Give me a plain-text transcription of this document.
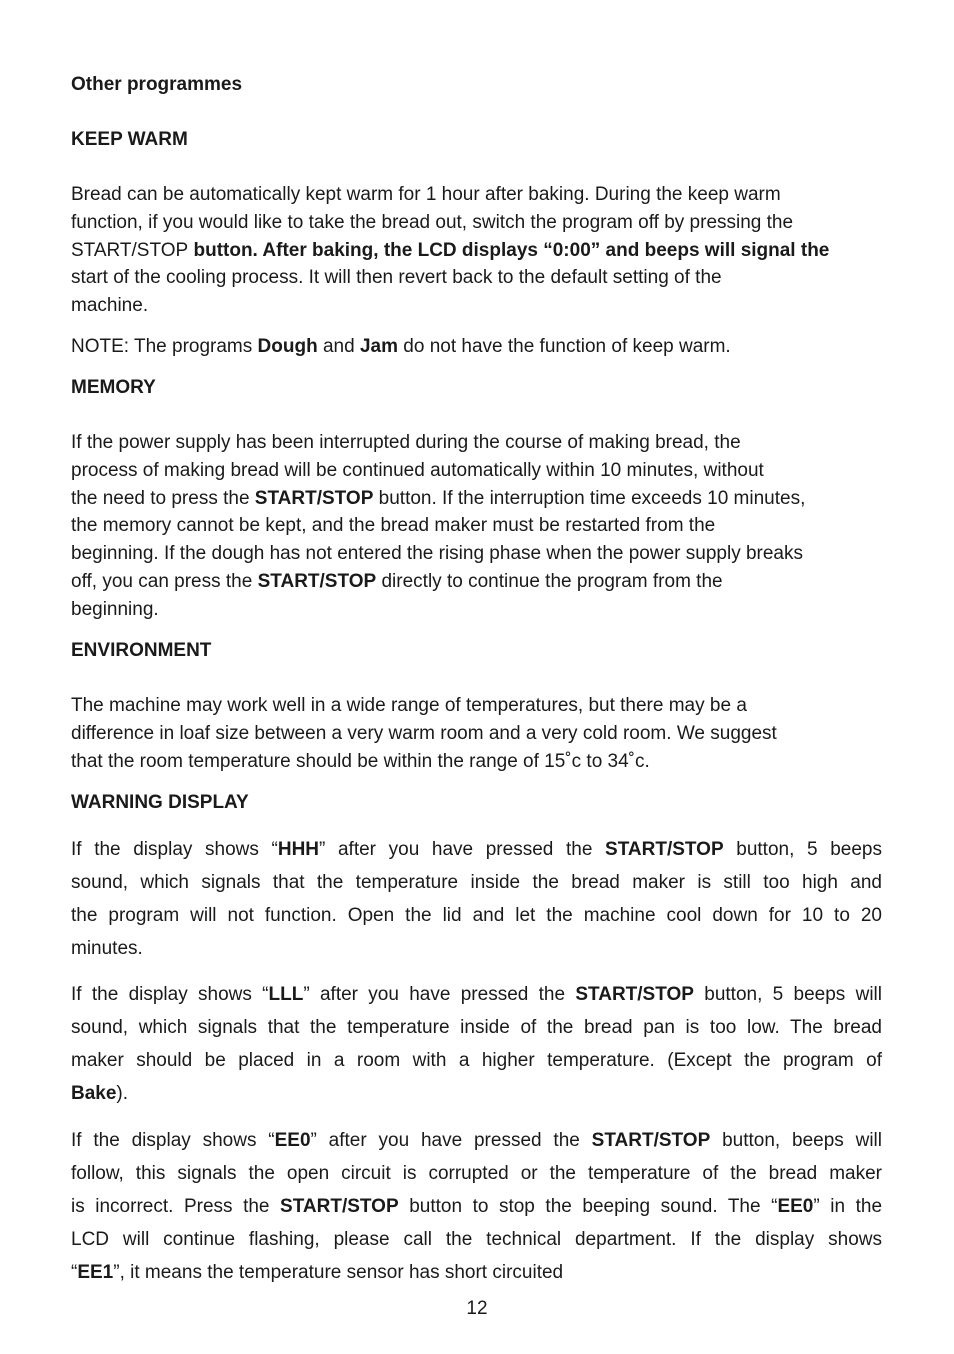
Other programmes
KEEP WARM
Bread can be automatically kept warm for 1 hour after baking. During the keep warm
function, if you would like to take the bread out, switch the program off by pressing the
START/STOP button. After baking, the LCD displays “0:00” and beeps will signal the
start of the cooling process. It will then revert back to the default setting of the
machine.
NOTE: The programs Dough and Jam do not have the function of keep warm.
MEMORY
If the power supply has been interrupted during the course of making bread, the
process of making bread will be continued automatically within 10 minutes, without
the need to press the START/STOP button. If the interruption time exceeds 10 minutes,
the memory cannot be kept, and the bread maker must be restarted from the
beginning. If the dough has not entered the rising phase when the power supply breaks
off, you can press the START/STOP directly to continue the program from the
beginning.
ENVIRONMENT
The machine may work well in a wide range of temperatures, but there may be a
difference in loaf size between a very warm room and a very cold room. We suggest
that the room temperature should be within the range of 15˚c to 34˚c.
WARNING DISPLAY
If the display shows “HHH” after you have pressed the START/STOP button, 5 beeps
sound, which signals that the temperature inside the bread maker is still too high and
the program will not function. Open the lid and let the machine cool down for 10 to 20
minutes.
If the display shows “LLL” after you have pressed the START/STOP button, 5 beeps will
sound, which signals that the temperature inside of the bread pan is too low. The bread
maker should be placed in a room with a higher temperature. (Except the program of
Bake).
If the display shows “EE0” after you have pressed the START/STOP button, beeps will
follow, this signals the open circuit is corrupted or the temperature of the bread maker
is incorrect. Press the START/STOP button to stop the beeping sound. The “EE0” in the
LCD will continue flashing, please call the technical department. If the display shows
“EE1”, it means the temperature sensor has short circuited
12
